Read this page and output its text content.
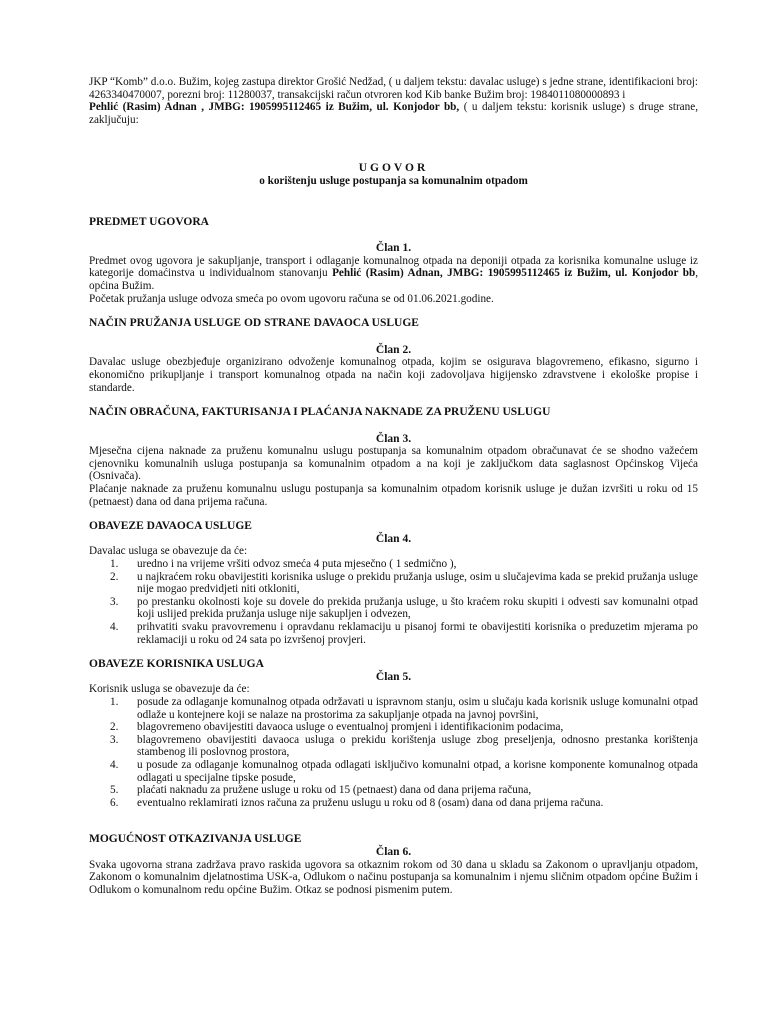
JKP “Komb” d.o.o. Bužim, kojeg zastupa direktor Grošić Nedžad, ( u daljem tekstu: davalac usluge) s jedne strane, identifikacioni broj: 4263340470007, porezni broj: 11280037, transakcijski račun otvroren kod Kib banke Bužim broj: 1984011080000893 i

Pehlić (Rasim) Adnan , JMBG: 1905995112465 iz Bužim, ul. Konjodor bb, ( u daljem tekstu: korisnik usluge) s druge strane, zaključuju:

UGOVOR
o korištenju usluge postupanja sa komunalnim otpadom
PREDMET UGOVORA
Član 1.

Predmet ovog ugovora je sakupljanje, transport i odlaganje komunalnog otpada na deponiji otpada za korisnika komunalne usluge iz kategorije domaćinstva u individualnom stanovanju Pehlić (Rasim) Adnan, JMBG: 1905995112465 iz Bužim, ul. Konjodor bb, općina Bužim.

Početak pružanja usluge odvoza smeća po ovom ugovoru računa se od 01.06.2021.godine.

NAČIN PRUŽANJA USLUGE OD STRANE DAVAOCA USLUGE
Član 2.

Davalac usluge obezbjeđuje organizirano odvoženje komunalnog otpada, kojim se osigurava blagovremeno, efikasno, sigurno i ekonomično prikupljanje i transport komunalnog otpada na način koji zadovoljava higijensko zdravstvene i ekološke propise i standarde.

NAČIN OBRAČUNA, FAKTURISANJA I PLAĆANJA NAKNADE ZA PRUŽENU USLUGU
Član 3.

Mjesečna cijena naknade za pruženu komunalnu uslugu postupanja sa komunalnim otpadom obračunavat će se shodno važećem cjenovniku komunalnih usluga postupanja sa komunalnim otpadom a na koji je zaključkom data saglasnost Općinskog Vijeća (Osnivača).

Plaćanje naknade za pruženu komunalnu uslugu postupanja sa komunalnim otpadom korisnik usluge je dužan izvršiti u roku od 15 (petnaest) dana od dana prijema računa.

OBAVEZE DAVAOCA USLUGE
Član 4.

Davalac usluga se obavezuje da će:

1. uredno i na vrijeme vršiti odvoz smeća 4 puta mjesečno ( 1 sedmično ),
2. u najkraćem roku obavijestiti korisnika usluge o prekidu pružanja usluge, osim u slučajevima kada se prekid pružanja usluge nije mogao predvidjeti niti otkloniti,
3. po prestanku okolnosti koje su dovele do prekida pružanja usluge, u što kraćem roku skupiti i odvesti sav komunalni otpad koji uslijed prekida pružanja usluge nije sakupljen i odvezen,
4. prihvatiti svaku pravovremenu i opravdanu reklamaciju u pisanoj formi te obavijestiti korisnika o preduzetim mjerama po reklamaciji u roku od 24 sata po izvršenoj provjeri.
OBAVEZE KORISNIKA USLUGA
Član 5.

Korisnik usluga se obavezuje da će:

1. posude za odlaganje komunalnog otpada održavati u ispravnom stanju, osim u slučaju kada korisnik usluge komunalni otpad odlaže u kontejnere koji se nalaze na prostorima za sakupljanje otpada na javnoj površini,
2. blagovremeno obavijestiti davaoca usluge o eventualnoj promjeni i identifikacionim podacima,
3. blagovremeno obavijestiti davaoca usluga o prekidu korištenja usluge zbog preseljenja, odnosno prestanka korištenja stambenog ili poslovnog prostora,
4. u posude za odlaganje komunalnog otpada odlagati isključivo komunalni otpad, a korisne komponente komunalnog otpada odlagati u specijalne tipske posude,
5. plaćati naknadu za pružene usluge u roku od 15 (petnaest) dana od dana prijema računa,
6. eventualno reklamirati iznos računa za pruženu uslugu u roku od 8 (osam) dana od dana prijema računa.
MOGUĆNOST OTKAZIVANJA USLUGE
Član 6.

Svaka ugovorna strana zadržava pravo raskida ugovora sa otkaznim rokom od 30 dana u skladu sa Zakonom o upravljanju otpadom, Zakonom o komunalnim djelatnostima USK-a, Odlukom o načinu postupanja sa komunalnim i njemu sličnim otpadom općine Bužim i Odlukom o komunalnom redu općine Bužim. Otkaz se podnosi pismenim putem.
